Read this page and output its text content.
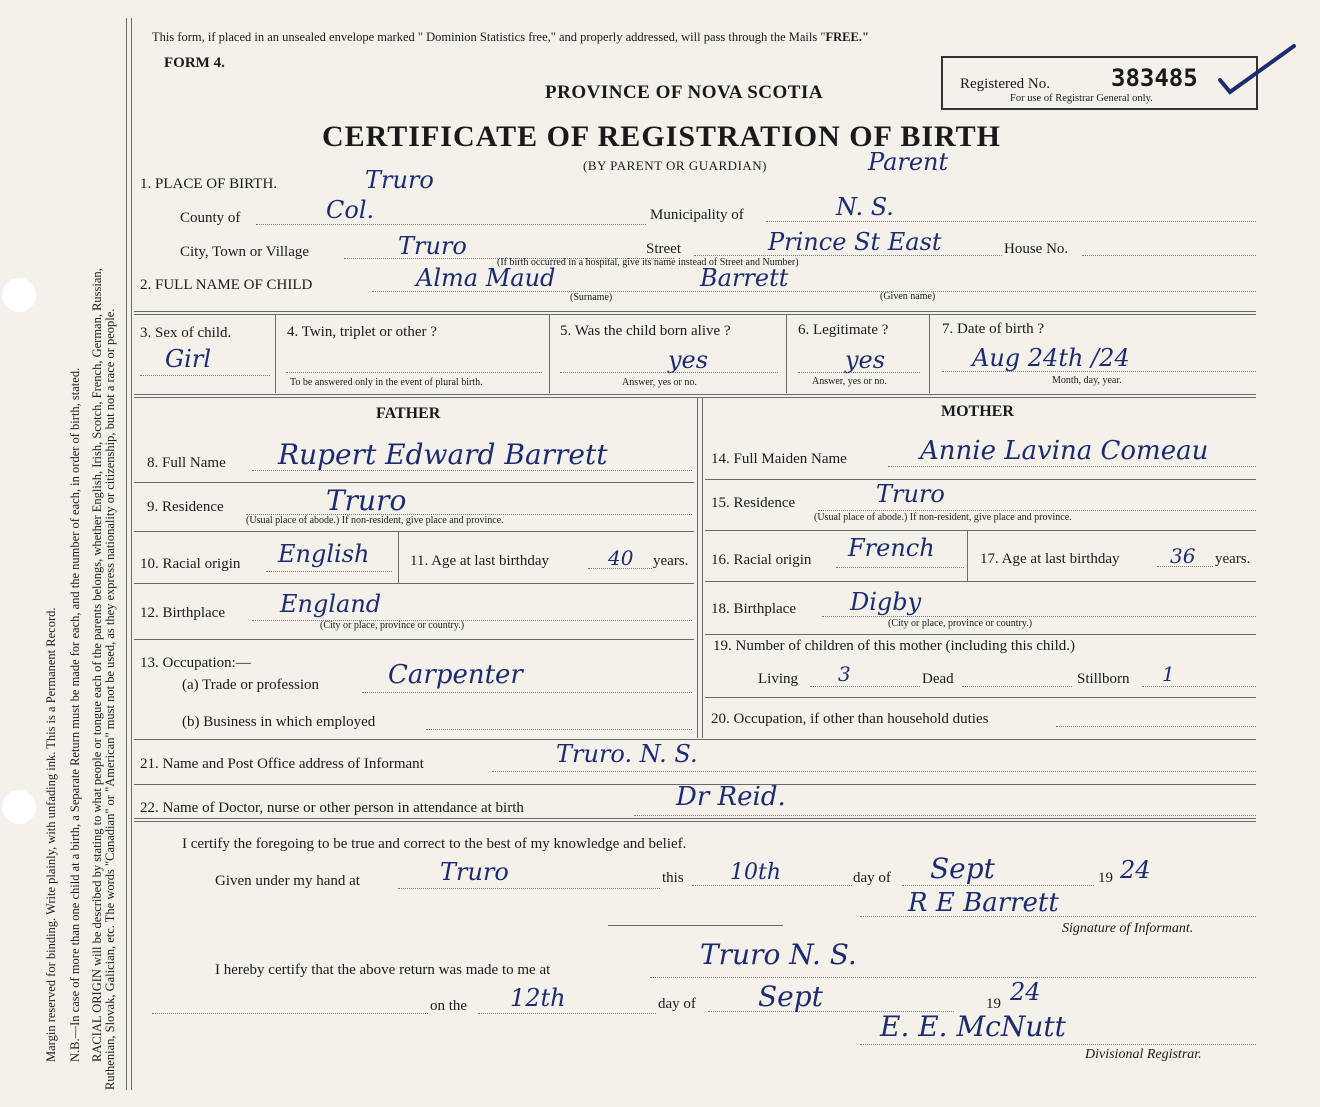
Margin reserved for binding. Write plainly, with unfading ink. This is a Permanent Record. N.B.—In case of more than one child at a birth, a Separate Return must be made for each, and the number of each, in order of birth, stated. RACIAL ORIGIN will be described by stating to what people or tongue each of the parents belongs, whether English, Irish, Scotch, French, German, Russian, Ruthenian, Slovak, Galician, etc. The words "Canadian" or "American" must not be used, as they express nationality or citizenship, but not a race or people.
This form, if placed in an unsealed envelope marked " Dominion Statistics free," and properly addressed, will pass through the Mails "FREE."
FORM 4.
PROVINCE OF NOVA SCOTIA	Registered No.	383485
For use of Registrar General only.
CERTIFICATE OF REGISTRATION OF BIRTH
(BY PARENT OR GUARDIAN)	Parent
1. PLACE OF BIRTH.	Truro
County of	Col.	Municipality of	N. S.
City, Town or Village	Truro	Street	Prince St East	House No.
(If birth occurred in a hospital, give its name instead of Street and Number)
2. FULL NAME OF CHILD	Alma Maud	Barrett
(Surname)	(Given name)
3. Sex of child.
Girl
4. Twin, triplet or other ?
To be answered only in the event of plural birth.
5. Was the child born alive ?
yes
Answer, yes or no.
6. Legitimate ?
yes
Answer, yes or no.
7. Date of birth ?
Aug 24th /24
Month, day, year.
FATHER	MOTHER
8. Full Name Rupert Edward Barrett	14. Full Maiden Name	Annie Lavina Comeau
9. Residence	Truro
(Usual place of abode.) If non-resident, give place and province.
15. Residence	Truro
(Usual place of abode.) If non-resident, give place and province.
10. Racial origin English	11. Age at last birthday	40 years. 16. Racial origin French	17. Age at last birthday	36 years.
12. Birthplace England
(City or place, province or country.)
18. Birthplace Digby
(City or place, province or country.)
13. Occupation:—
(a) Trade or profession	Carpenter
(b) Business in which employed
19. Number of children of this mother (including this child.)
Living 3	Dead	Stillborn 1
20. Occupation, if other than household duties
21. Name and Post Office address of Informant	Truro. N. S.
22. Name of Doctor, nurse or other person in attendance at birth	Dr Reid.
I certify the foregoing to be true and correct to the best of my knowledge and belief.
Given under my hand at	Truro	this 10th	day of Sept	19 24
R E Barrett
Signature of Informant.
I hereby certify that the above return was made to me at	Truro N. S.
on the 12th	day of Sept	19 24
E. E. McNutt
Divisional Registrar.
